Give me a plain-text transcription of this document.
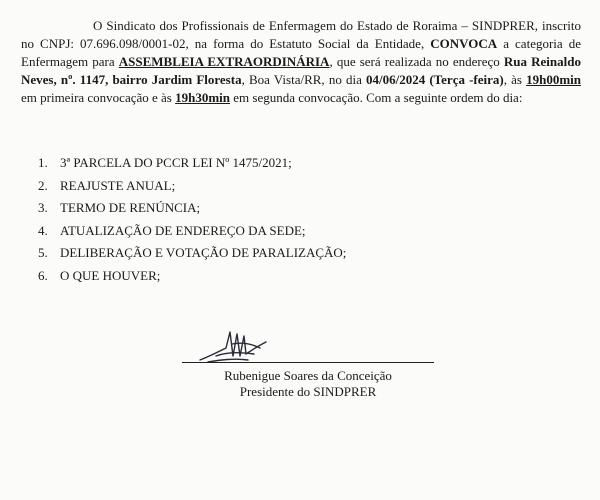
O Sindicato dos Profissionais de Enfermagem do Estado de Roraima – SINDPRER, inscrito no CNPJ: 07.696.098/0001-02, na forma do Estatuto Social da Entidade, CONVOCA a categoria de Enfermagem para ASSEMBLEIA EXTRAORDINÁRIA, que será realizada no endereço Rua Reinaldo Neves, nº. 1147, bairro Jardim Floresta, Boa Vista/RR, no dia 04/06/2024 (Terça -feira), às 19h00min em primeira convocação e às 19h30min em segunda convocação. Com a seguinte ordem do dia:

1. 3ª PARCELA DO PCCR LEI Nº 1475/2021;
2. REAJUSTE ANUAL;
3. TERMO DE RENÚNCIA;
4. ATUALIZAÇÃO DE ENDEREÇO DA SEDE;
5. DELIBERAÇÃO E VOTAÇÃO DE PARALIZAÇÃO;
6. O QUE HOUVER;
Rubenigue Soares da Conceição
Presidente do SINDPRER
